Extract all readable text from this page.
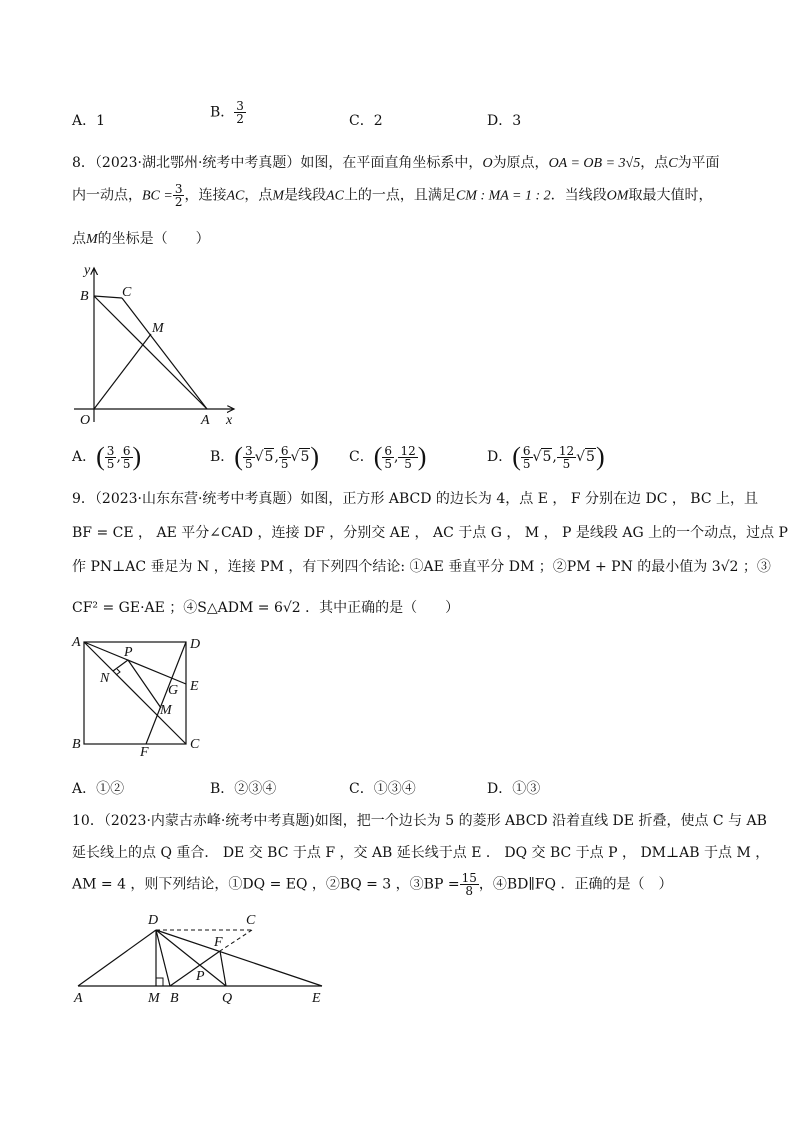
A．1
B． $\frac{3}{2}$	C．2	D．3
8．（2023·湖北鄂州·统考中考真题）如图，在平面直角坐标系中，O为原点，OA = OB = 3√5，点C为平面
内一动点，BC = $\frac{3}{2}$ ，连接AC，点M是线段AC上的一点，且满足CM : MA = 1 : 2．当线段OM取最大值时，
点M的坐标是（　　）
y
x
B C
M
O	A
A．( $\frac{3}{5}$ , $\frac{6}{5}$ )	B．( $\frac{3}{5} √5$, $\frac{6}{5} √5$) C．( $\frac{6}{5}$ , $\frac{12}{5}$ )	D．( $\frac{6}{5} √5$, $\frac{12}{5} √5$)
9．（2023·山东东营·统考中考真题）如图，正方形 ABCD 的边长为 4，点 E ， F 分别在边 DC ， BC 上，且
BF = CE ， AE 平分∠CAD ，连接 DF ，分别交 AE ， AC 于点 G ， M ， P 是线段 AG 上的一个动点，过点 P
作 PN⊥AC 垂足为 N ，连接 PM ，有下列四个结论: ①AE 垂直平分 DM ；②PM + PN 的最小值为 3√2 ；③
CF² = GE·AE ；④S△ADM = 6√2 ．其中正确的是（　　）
A	D
P
N
G E
M
B
F
C
A．①②	B．②③④	C．①③④	D．①③
10．（2023·内蒙古赤峰·统考中考真题)如图，把一个边长为 5 的菱形 ABCD 沿着直线 DE 折叠，使点 C 与 AB
延长线上的点 Q 重合． DE 交 BC 于点 F ，交 AB 延长线于点 E ． DQ 交 BC 于点 P ， DM⊥AB 于点 M ，
AM = 4 ，则下列结论，①DQ = EQ ，②BQ = 3 ，③BP = $\frac{15}{8}$ ，④BD∥FQ ．正确的是（　）
D	C
F
P
A	M B	Q	E
